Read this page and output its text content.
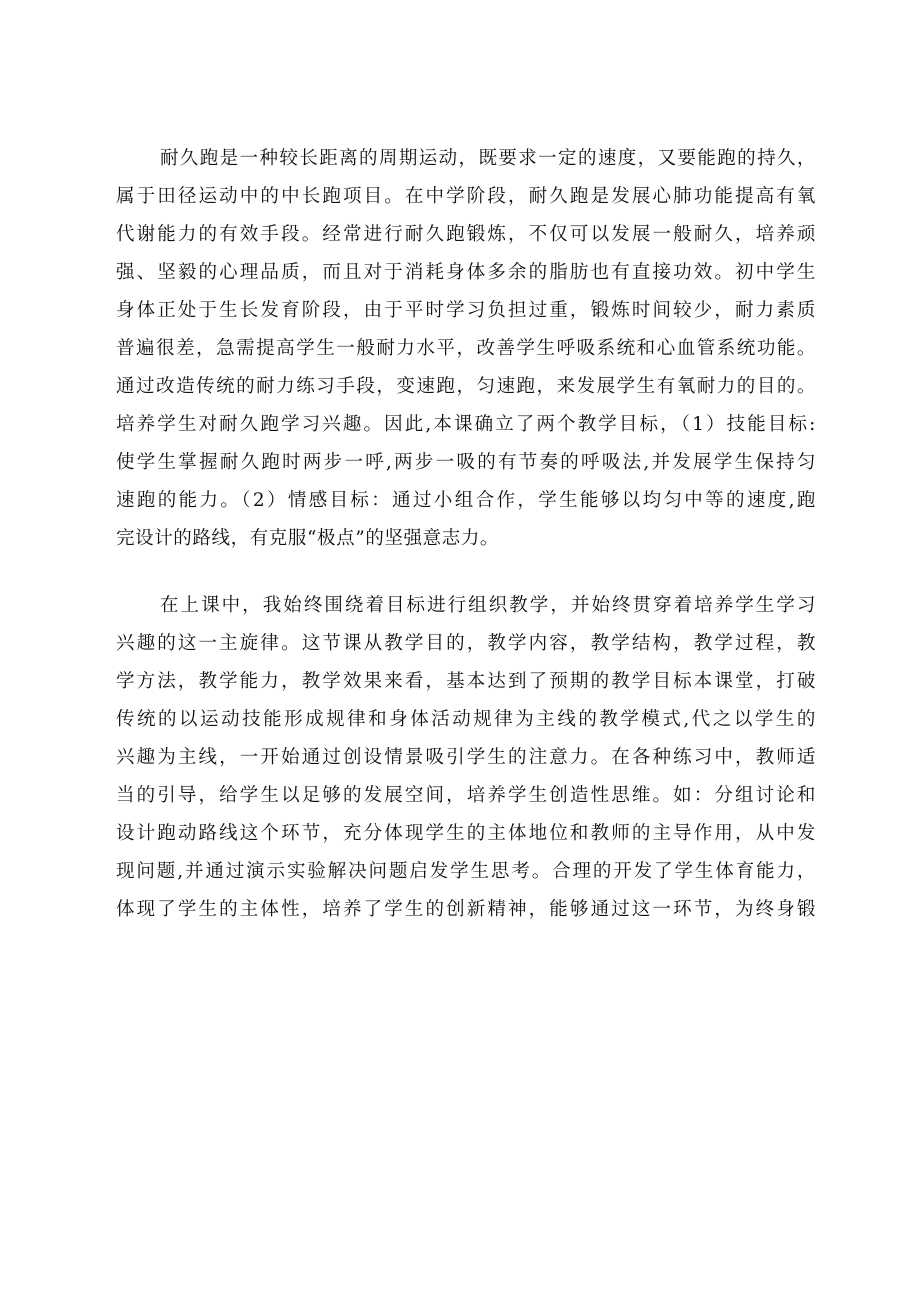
耐久跑是一种较长距离的周期运动，既要求一定的速度，又要能跑的持久，
属于田径运动中的中长跑项目。在中学阶段，耐久跑是发展心肺功能提高有氧
代谢能力的有效手段。经常进行耐久跑锻炼，不仅可以发展一般耐久，培养顽
强、坚毅的心理品质，而且对于消耗身体多余的脂肪也有直接功效。初中学生
身体正处于生长发育阶段，由于平时学习负担过重，锻炼时间较少，耐力素质
普遍很差，急需提高学生一般耐力水平，改善学生呼吸系统和心血管系统功能。
通过改造传统的耐力练习手段，变速跑，匀速跑，来发展学生有氧耐力的目的。
培养学生对耐久跑学习兴趣。因此,本课确立了两个教学目标，（1）技能目标:
使学生掌握耐久跑时两步一呼,两步一吸的有节奏的呼吸法,并发展学生保持匀
速跑的能力。（2）情感目标：通过小组合作，学生能够以均匀中等的速度,跑
完设计的路线，有克服“极点”的坚强意志力。
在上课中，我始终围绕着目标进行组织教学，并始终贯穿着培养学生学习
兴趣的这一主旋律。这节课从教学目的，教学内容，教学结构，教学过程，教
学方法，教学能力，教学效果来看，基本达到了预期的教学目标本课堂，打破
传统的以运动技能形成规律和身体活动规律为主线的教学模式,代之以学生的
兴趣为主线，一开始通过创设情景吸引学生的注意力。在各种练习中，教师适
当的引导，给学生以足够的发展空间，培养学生创造性思维。如：分组讨论和
设计跑动路线这个环节，充分体现学生的主体地位和教师的主导作用，从中发
现问题,并通过演示实验解决问题启发学生思考。合理的开发了学生体育能力，
体现了学生的主体性，培养了学生的创新精神，能够通过这一环节，为终身锻
